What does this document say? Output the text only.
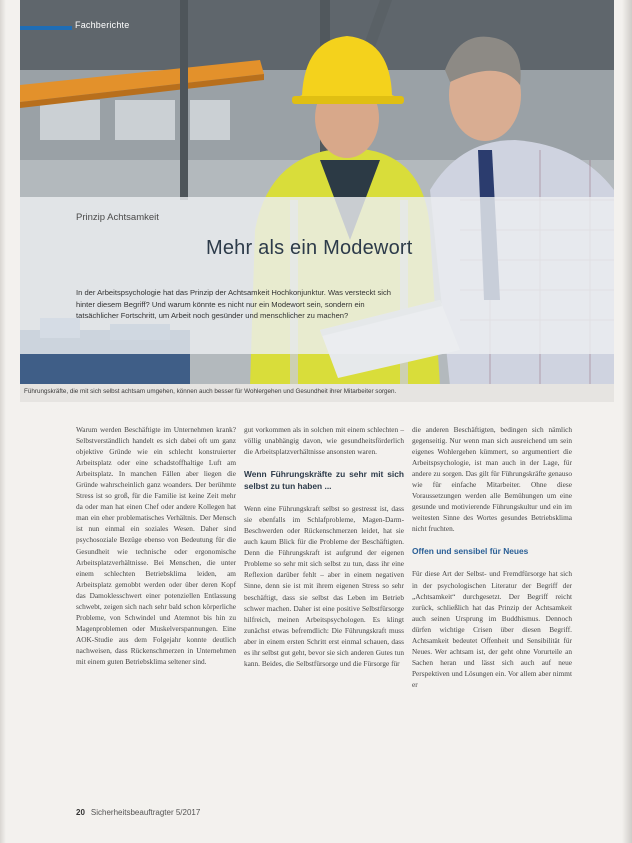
Fachberichte
Prinzip Achtsamkeit
Mehr als ein Modewort
In der Arbeitspsychologie hat das Prinzip der Achtsamkeit Hochkonjunktur. Was versteckt sich hinter diesem Begriff? Und warum könnte es nicht nur ein Modewort sein, sondern ein tatsächlicher Fortschritt, um Arbeit noch gesünder und menschlicher zu machen?
Führungskräfte, die mit sich selbst achtsam umgehen, können auch besser für Wohlergehen und Gesundheit ihrer Mitarbeiter sorgen.

Warum werden Beschäftigte im Unternehmen krank? Selbstverständlich handelt es sich dabei oft um ganz objektive Gründe wie ein schlecht konstruierter Arbeitsplatz oder eine schadstoffhaltige Luft am Arbeitsplatz. In manchen Fällen aber liegen die Gründe wahrscheinlich ganz woanders. Der berühmte Stress ist so groß, für die Familie ist keine Zeit mehr da oder man hat einen Chef oder andere Kollegen hat man ein eher problematisches Verhältnis. Der Mensch ist nun einmal ein soziales Wesen. Daher sind psychosoziale Bezüge ebenso von Bedeutung für die Gesundheit wie technische oder ergonomische Arbeitsplatzverhältnisse. Bei Menschen, die unter einem schlechten Betriebsklima leiden, am Arbeitsplatz gemobbt werden oder über deren Kopf das Damoklesschwert einer potenziellen Entlassung schwebt, zeigen sich nach sehr bald schon körperliche Probleme, von Schwindel und Atemnot bis hin zu Magenproblemen oder Muskelverspannungen. Eine AOK-Studie aus dem Folgejahr konnte deutlich nachweisen, dass Rückenschmerzen in Unternehmen mit einem guten Betriebsklima seltener sind.

gut vorkommen als in solchen mit einem schlechten – völlig unabhängig davon, wie gesundheitsförderlich die Arbeitsplatzverhältnisse ansonsten waren.

Wenn Führungskräfte zu sehr mit sich selbst zu tun haben ...

Wenn eine Führungskraft selbst so gestresst ist, dass sie ebenfalls im Schlafprobleme, Magen-Darm-Beschwerden oder Rückenschmerzen leidet, hat sie auch kaum Blick für die Probleme der Beschäftigten. Denn die Führungskraft ist aufgrund der eigenen Probleme so sehr mit sich selbst zu tun, dass ihr eine Reflexion darüber fehlt – aber in einem negativen Sinne, denn sie ist mit ihrem eigenen Stress so sehr beschäftigt, dass sie selbst das Leben im Betrieb schwer machen. Daher ist eine positive Selbstfürsorge hilfreich, meinen Arbeitspsychologen. Es klingt zunächst etwas befremdlich: Die Führungskraft muss aber in einem ersten Schritt erst einmal schauen, dass es ihr selbst gut geht, bevor sie sich anderen Gutes tun kann. Beides, die Selbstfürsorge und die Fürsorge für

die anderen Beschäftigten, bedingen sich nämlich gegenseitig. Nur wenn man sich ausreichend um sein eigenes Wohlergehen kümmert, so argumentiert die Arbeitspsychologie, ist man auch in der Lage, für andere zu sorgen. Das gilt für Führungskräfte genauso wie für einfache Mitarbeiter. Ohne diese Voraussetzungen werden alle Bemühungen um eine gesunde und motivierende Führungskultur und ein im weitesten Sinne des Wortes gesundes Betriebsklima nicht fruchten.

Offen und sensibel für Neues

Für diese Art der Selbst- und Fremdfürsorge hat sich in der psychologischen Literatur der Begriff der „Achtsamkeit“ durchgesetzt. Der Begriff reicht zurück, schließlich hat das Prinzip der Achtsamkeit auch seinen Ursprung im Buddhismus. Dennoch dürfen wichtige Crisen über diesen Begriff. Achtsamkeit bedeutet Offenheit und Sensibilität für Neues. Wer achtsam ist, der geht ohne Vorurteile an Sachen heran und lässt sich auch auf neue Perspektiven und Lösungen ein. Vor allem aber nimmt er

20 Sicherheitsbeauftragter 5/2017
